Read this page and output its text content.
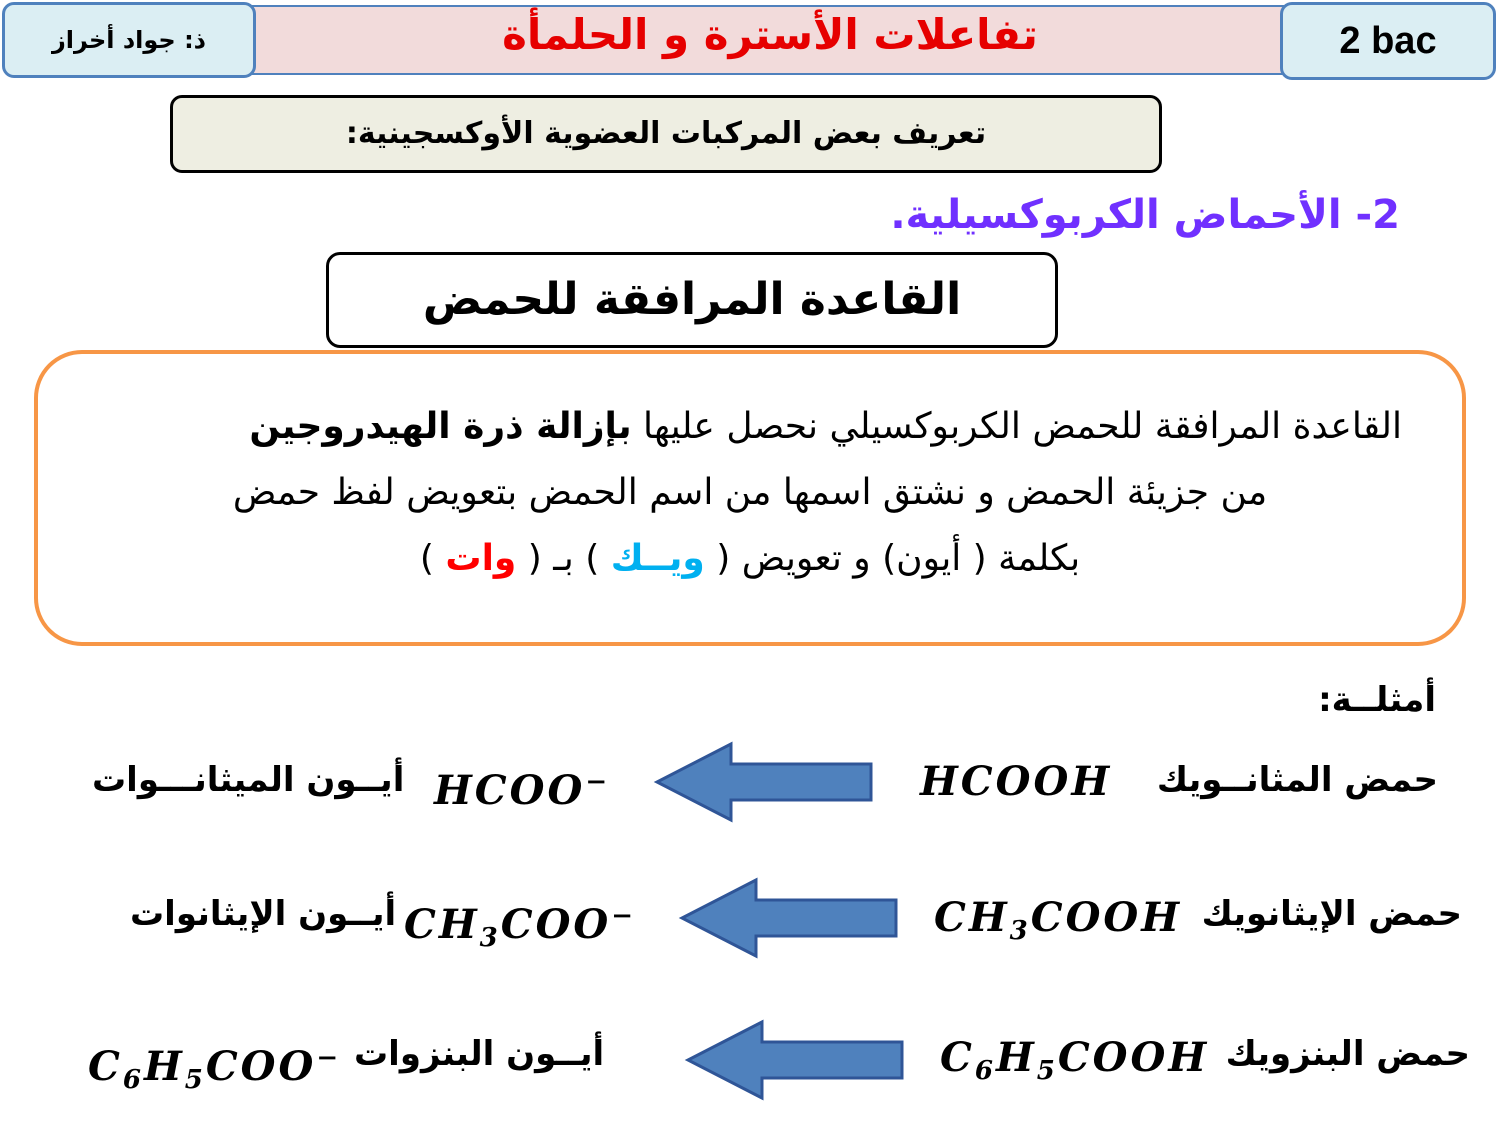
تفاعلات الأسترة و الحلمأة
ذ: جواد أخراز	2 bac
تعريف بعض المركبات العضوية الأوكسجينية:
2- الأحماض الكربوكسيلية.
القاعدة المرافقة للحمض
القاعدة المرافقة للحمض الكربوكسيلي نحصل عليها بإزالة ذرة الهيدروجين
من جزيئة الحمض و نشتق اسمها من اسم الحمض بتعويض لفظ حمض
بكلمة ( أيون) و تعويض ( ويــك ) بـ ( وات )
أمثلــة:
حمض المثانــويك
HCOOH
HCOO−
أيــون الميثانـــوات
حمض الإيثانويك
$CH_3COOH$
$CH_3COO^-$
أيــون الإيثانوات
حمض البنزويك
$C_6H_5COOH$
أيــون البنزوات
$C_6H_5COO^-$
